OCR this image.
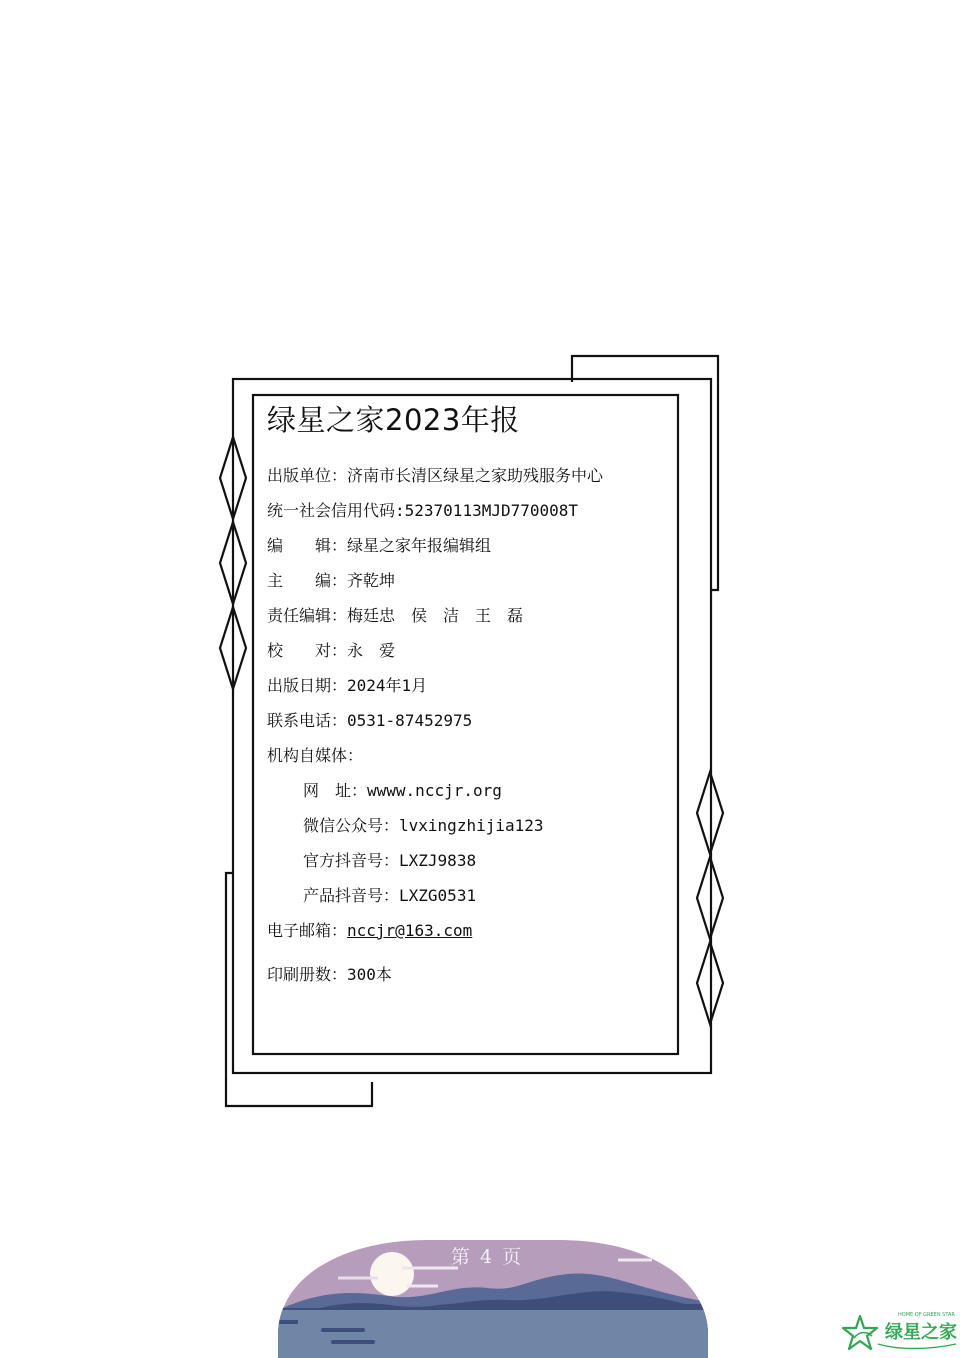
绿星之家2023年报
出版单位：济南市长清区绿星之家助残服务中心
统一社会信用代码:52370113MJD770008T
编　　辑：绿星之家年报编辑组
主　　编：齐乾坤
责任编辑：梅廷忠　侯　洁　王　磊
校　　对：永　爱
出版日期：2024年1月
联系电话：0531-87452975
机构自媒体：
网　址：wwww.nccjr.org
微信公众号：lvxingzhijia123
官方抖音号：LXZJ9838
产品抖音号：LXZG0531
电子邮箱：nccjr@163.com
印刷册数：300本
第 4 页
HOME OF GREEN STAR
绿星之家
